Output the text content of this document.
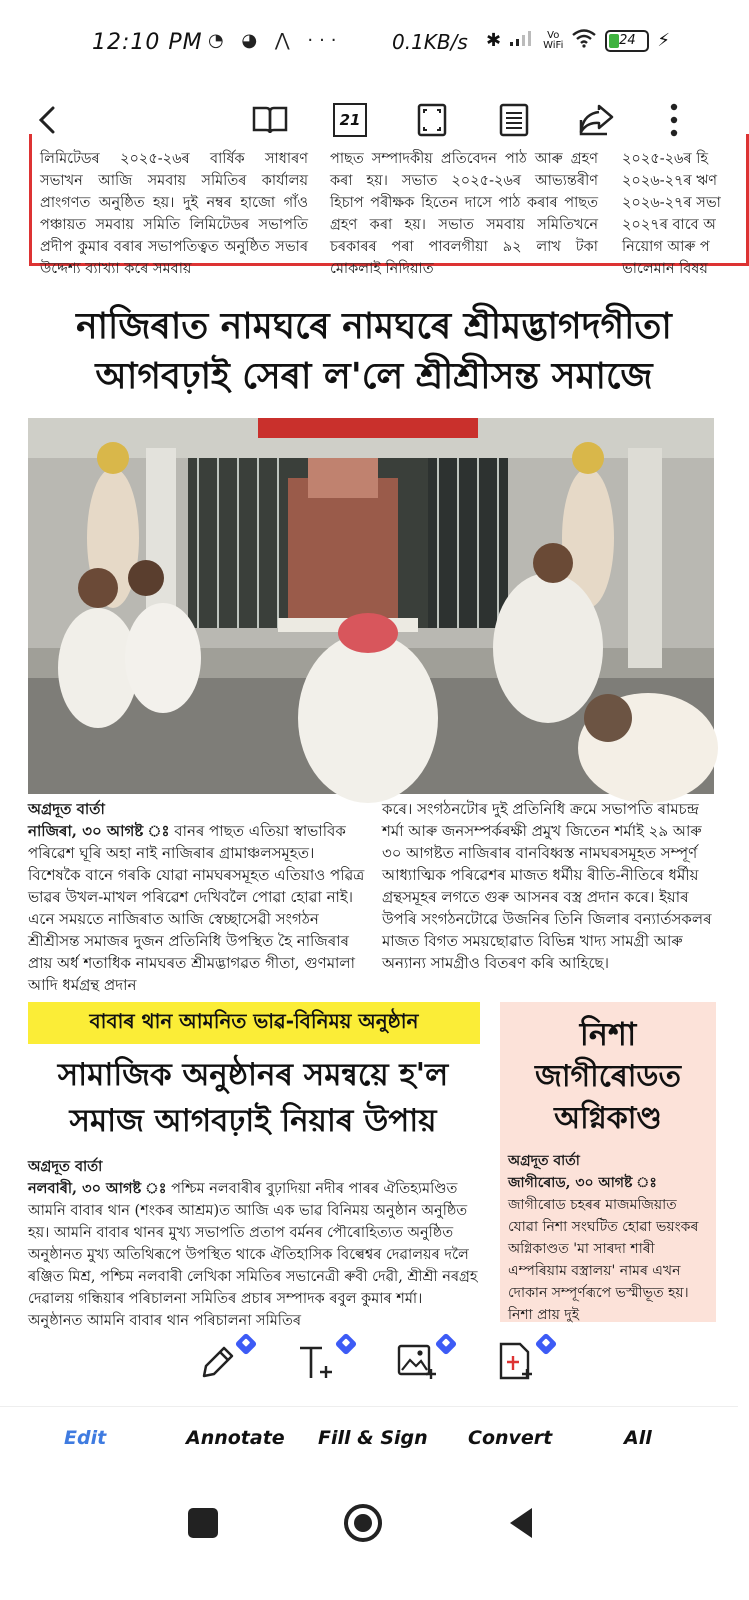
12:10 PM ◔ ◕ ⋀ ··· 0.1KB/s ✱	Vo
WiFi	24 ⚡
21
লিমিটেডৰ ২০২৫-২৬ৰ বাৰ্ষিক সাধাৰণ সভাখন আজি সমবায় সমিতিৰ কাৰ্যালয় প্ৰাংগণত অনুষ্ঠিত হয়। দুই নম্বৰ হাজো গাঁও পঞ্চায়ত সমবায় সমিতি লিমিটেডৰ সভাপতি প্ৰদীপ কুমাৰ বৰাৰ সভাপতিত্বত অনুষ্ঠিত সভাৰ উদ্দেশ্য ব্যাখ্যা কৰে সমবায়
পাছত সম্পাদকীয় প্ৰতিবেদন পাঠ আৰু গ্ৰহণ কৰা হয়। সভাত ২০২৫-২৬ৰ আভ্যন্তৰীণ হিচাপ পৰীক্ষক হিতেন দাসে পাঠ কৰাৰ পাছত গ্ৰহণ কৰা হয়। সভাত সমবায় সমিতিখনে চৰকাৰৰ পৰা পাবলগীয়া ৯২ লাখ টকা মোকলাই নিদিয়াত
২০২৫-২৬ৰ হি ২০২৬-২৭ৰ ঋণ ২০২৬-২৭ৰ সভা ২০২৭ৰ বাবে অ নিয়োগ আৰু প ভালেমান বিষয়
নাজিৰাত নামঘৰে নামঘৰে শ্ৰীমদ্ভাগদগীতা
আগবঢ়াই সেৰা ল'লে শ্ৰীশ্ৰীসন্ত সমাজে
অগ্ৰদূত বাৰ্তা
নাজিৰা, ৩০ আগষ্ট ঃ বানৰ পাছত এতিয়া স্বাভাবিক পৰিৱেশ ঘূৰি অহা নাই নাজিৰাৰ গ্ৰামাঞ্চলসমূহত। বিশেষকৈ বানে গৰকি যোৱা নামঘৰসমূহত এতিয়াও পৱিত্ৰ ভাৱৰ উখল-মাখল পৰিৱেশ দেখিবলৈ পোৱা হোৱা নাই। এনে সময়তে নাজিৰাত আজি স্বেচ্ছাসেৱী সংগঠন শ্ৰীশ্ৰীসন্ত সমাজৰ দুজন প্ৰতিনিধি উপস্থিত হৈ নাজিৰাৰ প্ৰায় অৰ্ধ শতাধিক নামঘৰত শ্ৰীমদ্ভাগৱত গীতা, গুণমালা আদি ধৰ্মগ্ৰন্থ প্ৰদান
কৰে। সংগঠনটোৰ দুই প্ৰতিনিধি ক্ৰমে সভাপতি ৰামচন্দ্ৰ শৰ্মা আৰু জনসম্পৰ্কৰক্ষী প্ৰমুখ জিতেন শৰ্মাই ২৯ আৰু ৩০ আগষ্টত নাজিৰাৰ বানবিধ্বস্ত নামঘৰসমূহত সম্পূৰ্ণ আধ্যাত্মিক পৰিৱেশৰ মাজত ধৰ্মীয় ৰীতি-নীতিৰে ধৰ্মীয় গ্ৰন্থসমূহৰ লগতে গুৰু আসনৰ বস্ত্ৰ প্ৰদান কৰে। ইয়াৰ উপৰি সংগঠনটোৱে উজনিৰ তিনি জিলাৰ বন্যাৰ্তসকলৰ মাজত বিগত সময়ছোৱাত বিভিন্ন খাদ্য সামগ্ৰী আৰু অন্যান্য সামগ্ৰীও বিতৰণ কৰি আহিছে।
বাবাৰ থান আমনিত ভাৱ-বিনিময় অনুষ্ঠান
সামাজিক অনুষ্ঠানৰ সমন্বয়ে হ'ল
সমাজ আগবঢ়াই নিয়াৰ উপায়
অগ্ৰদূত বাৰ্তা
নলবাৰী, ৩০ আগষ্ট ঃ পশ্চিম নলবাৰীৰ বুঢ়াদিয়া নদীৰ পাৰৰ ঐতিহ্যমণ্ডিত আমনি বাবাৰ থান (শংকৰ আশ্ৰম)ত আজি এক ভাৱ বিনিময় অনুষ্ঠান অনুষ্ঠিত হয়। আমনি বাবাৰ থানৰ মুখ্য সভাপতি প্ৰতাপ বৰ্মনৰ পৌৰোহিত্যত অনুষ্ঠিত অনুষ্ঠানত মুখ্য অতিথিৰূপে উপস্থিত থাকে ঐতিহাসিক বিল্বেশ্বৰ দেৱালয়ৰ দলৈ ৰঞ্জিত মিশ্ৰ, পশ্চিম নলবাৰী লেখিকা সমিতিৰ সভানেত্ৰী ৰুবী দেৱী, শ্ৰীশ্ৰী নৰগ্ৰহ দেৱালয় গন্ধিয়াৰ পৰিচালনা সমিতিৰ প্ৰচাৰ সম্পাদক ৰবুল কুমাৰ শৰ্মা। অনুষ্ঠানত আমনি বাবাৰ থান পৰিচালনা সমিতিৰ
নিশা
জাগীৰোডত
অগ্নিকাণ্ড
অগ্ৰদূত বাৰ্তা
জাগীৰোড, ৩০ আগষ্ট ঃ
জাগীৰোড চহৰৰ মাজমজিয়াত যোৱা নিশা সংঘটিত হোৱা ভয়ংকৰ অগ্নিকাণ্ডত 'মা সাৰদা শাৰী এম্পৰিয়াম বস্ত্ৰালয়' নামৰ এখন দোকান সম্পূৰ্ণৰূপে ভস্মীভূত হয়। নিশা প্ৰায় দুই
Edit	Annotate Fill & Sign Convert	All
